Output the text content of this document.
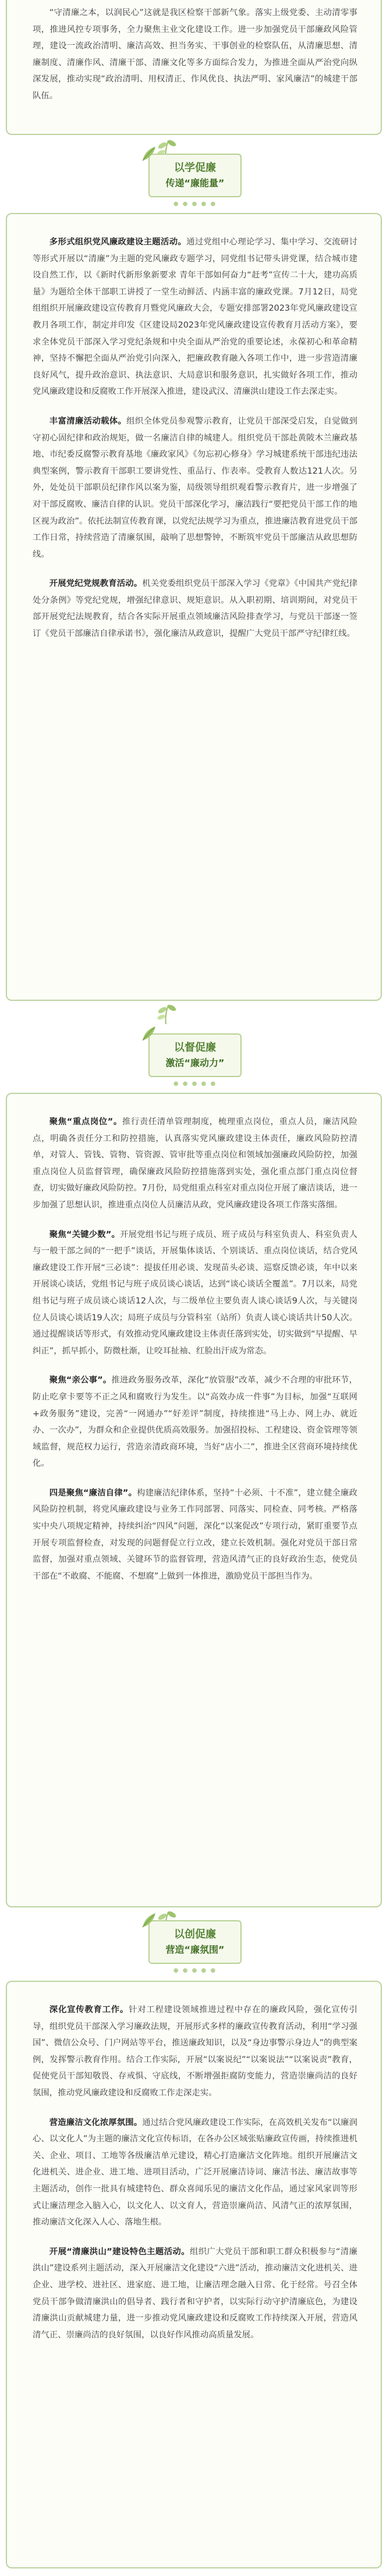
“守清廉之本，以润民心”这就是我区检察干部新气象。落实上级党委、主动清零事项，推进风控专项事务，全力聚焦主业文化建设工作。进一步加强党员干部廉政风险管理，建设一流政治清明、廉洁高效、担当务实、干事创业的检察队伍，从清廉思想、清廉制度、清廉作风、清廉干部、清廉文化等多方面综合发力，为推进全面从严治党向纵深发展，推动实现“政治清明、用权清正、作风优良、执法严明、家风廉洁”的城建干部队伍。

以学促廉
传递“廉能量”
● ● ● ● ●

多形式组织党风廉政建设主题活动。通过党组中心理论学习、集中学习、交流研讨等形式开展以“清廉”为主题的党风廉政专题学习，同党组书记带头讲党课，结合城市建设自然工作，以《新时代新形象新要求 青年干部如何奋力“赶考”宣传二十大，建功高质量》为题给全体干部职工讲授了一堂生动鲜活、内涵丰富的廉政党课。7月12日，局党组组织开展廉政建设宣传教育月暨党风廉政大会，专题安排部署2023年党风廉政建设宣教月各项工作，制定并印发《区建设局2023年党风廉政建设宣传教育月活动方案》，要求全体党员干部深入学习党纪条规和中央全面从严治党的重要论述，永葆初心和革命精神，坚持不懈把全面从严治党引向深入，把廉政教育融入各项工作中，进一步营造清廉良好风气，提升政治意识、执法意识、大局意识和服务意识，扎实做好各项工作，推动党风廉政建设和反腐败工作开展深入推进，建设武汉、清廉洪山建设工作去深走实。

丰富清廉活动载体。组织全体党员参观警示教育，让党员干部深受启发，自觉做到守初心固纪律和政治规矩，做一名廉洁自律的城建人。组织党员干部赴黄陂木兰廉政基地、市纪委反腐警示教育基地《廉政家风》《勿忘初心修身》学习城建系统干部违纪违法典型案例，警示教育干部职工要讲党性、重品行、作表率。受教育人数达121人次。另外，处处员干部职员纪律作风以案为鉴，局级领导组织观看警示教育片，进一步增强了对干部反腐败、廉洁自律的认识。党员干部深化学习，廉洁践行“要把党员干部工作的地区视为政治”。依托法制宣传教育课，以党纪法规学习为重点，推进廉洁教育进党员干部工作日常，持续营造了清廉氛围，敲响了思想警钟，不断筑牢党员干部廉洁从政思想防线。

开展党纪党规教育活动。机关党委组织党员干部深入学习《党章》《中国共产党纪律处分条例》等党纪党规，增强纪律意识、规矩意识。从入职初期、培训期间，对党员干部开展党纪法规教育，结合各实际开展重点领域廉洁风险排查学习，与党员干部逐一签订《党员干部廉洁自律承诺书》，强化廉洁从政意识，提醒广大党员干部严守纪律红线。

以督促廉
激活“廉动力”
● ● ● ● ●

聚焦“重点岗位”。推行责任清单管理制度，梳理重点岗位，重点人员，廉洁风险点，明确各责任分工和防控措施，认真落实党风廉政建设主体责任，廉政风险防控清单，对管人、管钱、管物、管资源、管审批等重点岗位和领域加强廉政风险防控，加强重点岗位人员监督管理，确保廉政风险防控措施落到实处，强化重点部门重点岗位督查，切实做好廉政风险防控。7月份，局党组重点科室对重点岗位开展了廉洁谈话，进一步加强了思想认识，推进重点岗位人员廉洁从政，党风廉政建设各项工作落实落细。

聚焦“关键少数”。开展党组书记与班子成员、班子成员与科室负责人、科室负责人与一般干部之间的“一把手”谈话，开展集体谈话、个别谈话、重点岗位谈话，结合党风廉政建设工作开展“三必谈”：提拔任用必谈、发现苗头必谈、巡察反馈必谈，年中以来开展谈心谈话，党组书记与班子成员谈心谈话，达到“谈心谈话全覆盖”。7月以来，局党组书记与班子成员谈心谈话12人次，与二级单位主要负责人谈心谈话9人次，与关键岗位人员谈心谈话19人次；局班子成员与分管科室（站所）负责人谈心谈话共计50人次。通过提醒谈话等形式，有效推动党风廉政建设主体责任落到实处，切实做到“早提醒、早纠正”，抓早抓小，防微杜渐，让咬耳扯袖、红脸出汗成为常态。

聚焦“亲公事”。推进政务服务改革，深化“放管服”改革，减少不合理的审批环节，防止吃拿卡要等不正之风和腐败行为发生。以“高效办成一件事”为目标，加强“互联网+政务服务”建设，完善“一网通办”“好差评”制度，持续推进“马上办、网上办、就近办、一次办”，为群众和企业提供优质高效服务。加强招投标、工程建设、资金管理等领域监督，规范权力运行，营造亲清政商环境，当好“店小二”，推进全区营商环境持续优化。

四是聚焦“廉洁自律”。构建廉洁纪律体系，坚持“十必须、十不准”，建立健全廉政风险防控机制，将党风廉政建设与业务工作同部署、同落实、同检查、同考核。严格落实中央八项规定精神，持续纠治“四风”问题，深化“以案促改”专项行动，紧盯重要节点开展专项监督检查，对发现的问题督促立行立改，建立长效机制。强化对党员干部日常监督，加强对重点领域、关键环节的监督管理，营造风清气正的良好政治生态，使党员干部在“不敢腐、不能腐、不想腐”上做到一体推进，激励党员干部担当作为。

以创促廉
营造“廉氛围”
● ● ● ● ●

深化宣传教育工作。针对工程建设领域推进过程中存在的廉政风险，强化宣传引导，组织党员干部深入学习廉政法规，开展形式多样的廉政宣传教育活动，利用“学习强国”、微信公众号、门户网站等平台，推送廉政知识，以及“身边事警示身边人”的典型案例，发挥警示教育作用。结合工作实际，开展“以案说纪”“以案说法”“以案说责”教育，促使党员干部知敬畏、存戒惧、守底线，不断增强拒腐防变能力，营造崇廉尚洁的良好氛围，推动党风廉政建设和反腐败工作走深走实。

营造廉洁文化浓厚氛围。通过结合党风廉政建设工作实际，在高效机关发布“以廉润心、以文化人”为主题的廉洁文化宣传标语，在各办公区域张贴廉政宣传画，持续推进机关、企业、项目、工地等各级廉洁单元建设，精心打造廉洁文化阵地。组织开展廉洁文化进机关、进企业、进工地、进项目活动，广泛开展廉洁诗词、廉洁书法、廉洁故事等主题活动，创作一批具有城建特色、群众喜闻乐见的廉洁文化作品，通过家风家训等形式让廉洁理念入脑入心，以文化人、以文育人，营造崇廉尚洁、风清气正的浓厚氛围，推动廉洁文化深入人心、落地生根。

开展“清廉洪山”建设特色主题活动。组织广大党员干部和职工群众积极参与“清廉洪山”建设系列主题活动，深入开展廉洁文化建设“六进”活动，推动廉洁文化进机关、进企业、进学校、进社区、进家庭、进工地，让廉洁理念融入日常、化于经常。号召全体党员干部争做清廉洪山的倡导者、践行者和守护者，以实际行动守护清廉底色，为建设清廉洪山贡献城建力量，进一步推动党风廉政建设和反腐败工作持续深入开展，营造风清气正、崇廉尚洁的良好氛围，以良好作风推动高质量发展。
